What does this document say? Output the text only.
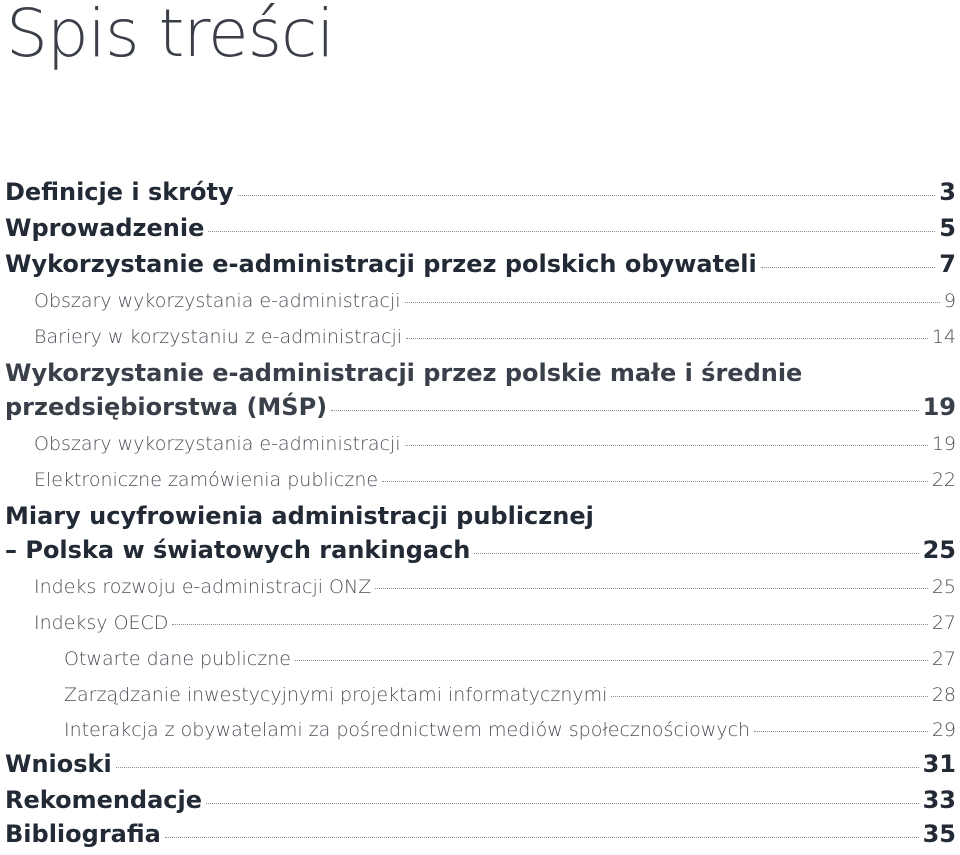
Spis treści
Definicje i skróty	3
Wprowadzenie	5
Wykorzystanie e-administracji przez polskich obywateli	7
Obszary wykorzystania e-administracji	9
Bariery w korzystaniu z e-administracji	14
Wykorzystanie e-administracji przez polskie małe i średnie
przedsiębiorstwa (MŚP)	19
Obszary wykorzystania e-administracji	19
Elektroniczne zamówienia publiczne	22
Miary ucyfrowienia administracji publicznej
– Polska w światowych rankingach	25
Indeks rozwoju e-administracji ONZ	25
Indeksy OECD	27
Otwarte dane publiczne	27
Zarządzanie inwestycyjnymi projektami informatycznymi	28
Interakcja z obywatelami za pośrednictwem mediów społecznościowych	29
Wnioski	31
Rekomendacje	33
Bibliografia	35
